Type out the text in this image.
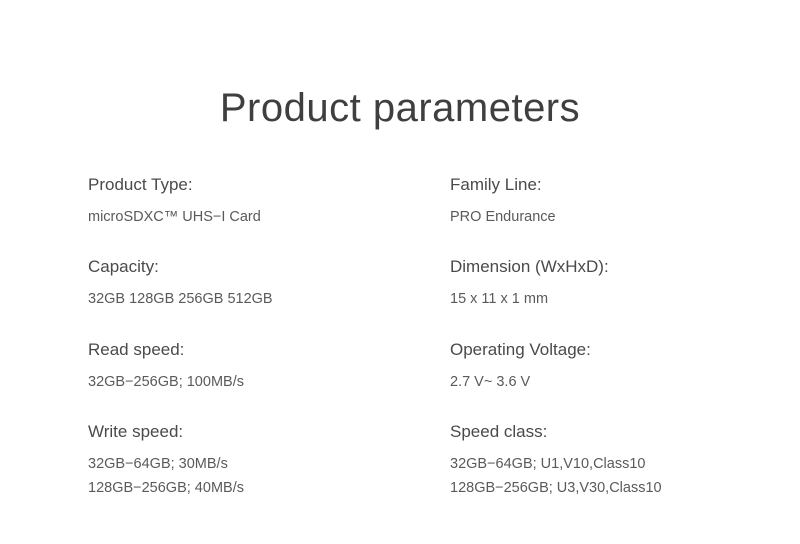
Product parameters
Product Type:
microSDXC™ UHS−I Card
Capacity:
32GB 128GB 256GB 512GB
Read speed:
32GB−256GB; 100MB/s
Write speed:
32GB−64GB; 30MB/s
128GB−256GB; 40MB/s
Family Line:
PRO Endurance
Dimension (WxHxD):
15 x 11 x 1 mm
Operating Voltage:
2.7 V~ 3.6 V
Speed class:
32GB−64GB; U1,V10,Class10
128GB−256GB; U3,V30,Class10
